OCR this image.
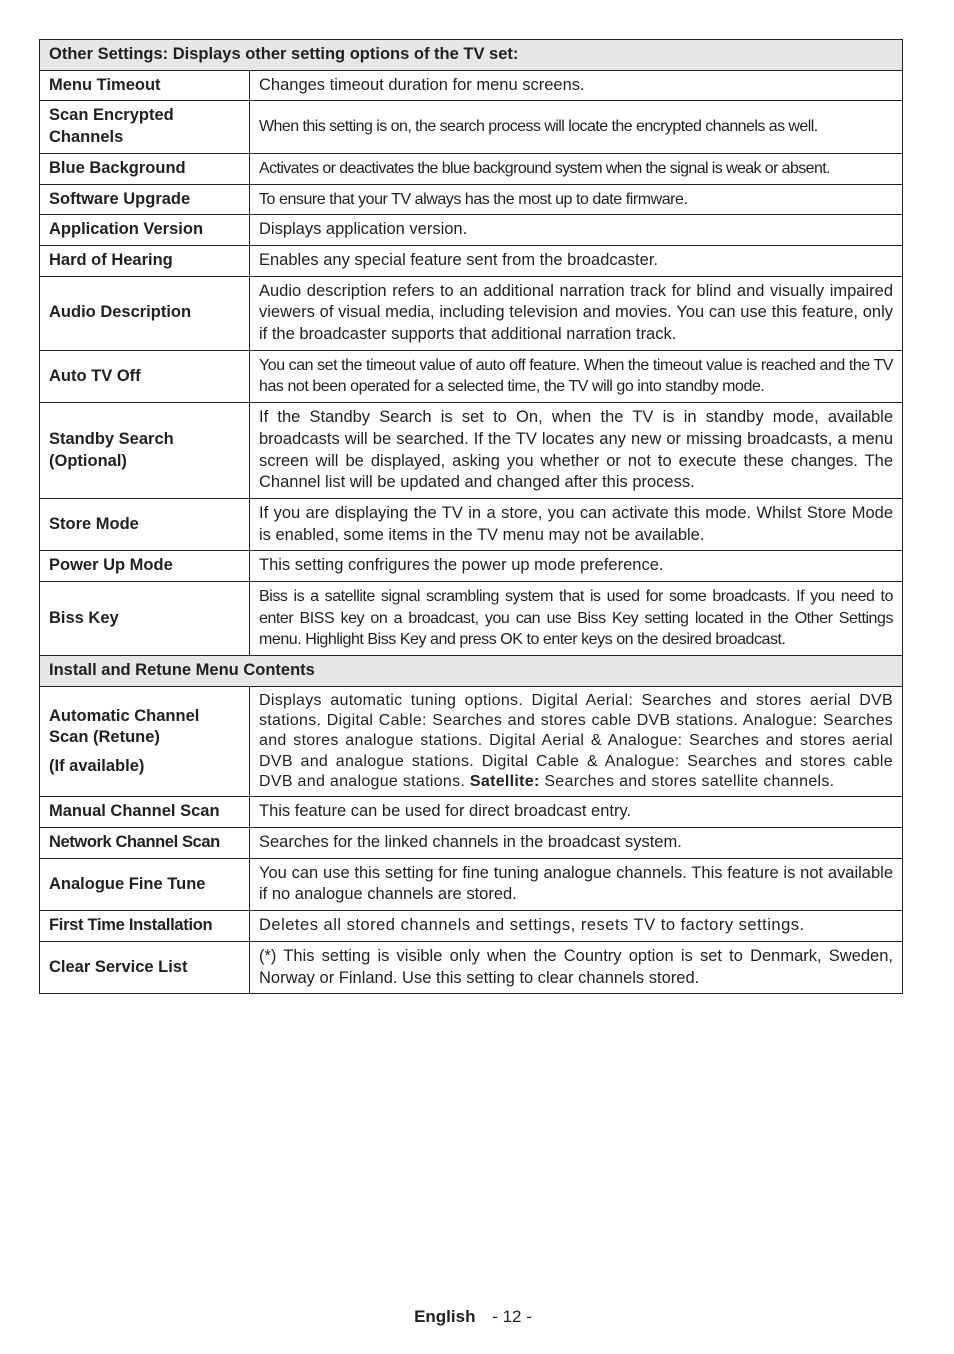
Other Settings: Displays other setting options of the TV set:	
Menu Timeout	Changes timeout duration for menu screens.
Scan Encrypted Channels	When this setting is on, the search process will locate the encrypted channels as well.
Blue Background	Activates or deactivates the blue background system when the signal is weak or absent.
Software Upgrade	To ensure that your TV always has the most up to date firmware.
Application Version	Displays application version.
Hard of Hearing	Enables any special feature sent from the broadcaster.
Audio Description	Audio description refers to an additional narration track for blind and visually impaired viewers of visual media, including television and movies. You can use this feature, only if the broadcaster supports that additional narration track.
Auto TV Off	You can set the timeout value of auto off feature. When the timeout value is reached and the TV has not been operated for a selected time, the TV will go into standby mode.
Standby Search (Optional)	If the Standby Search is set to On, when the TV is in standby mode, available broadcasts will be searched. If the TV locates any new or missing broadcasts, a menu screen will be displayed, asking you whether or not to execute these changes. The Channel list will be updated and changed after this process.
Store Mode	If you are displaying the TV in a store, you can activate this mode. Whilst Store Mode is enabled, some items in the TV menu may not be available.
Power Up Mode	This setting confrigures the power up mode preference.
Biss Key	Biss is a satellite signal scrambling system that is used for some broadcasts. If you need to enter BISS key on a broadcast, you can use Biss Key setting located in the Other Settings menu. Highlight Biss Key and press OK to enter keys on the desired broadcast.
Install and Retune Menu Contents	

Automatic Channel Scan (Retune)
(If available)	Displays automatic tuning options. Digital Aerial: Searches and stores aerial DVB stations. Digital Cable: Searches and stores cable DVB stations. Analogue: Searches and stores analogue stations. Digital Aerial & Analogue: Searches and stores aerial DVB and analogue stations. Digital Cable & Analogue: Searches and stores cable DVB and analogue stations. Satellite: Searches and stores satellite channels.
Manual Channel Scan	This feature can be used for direct broadcast entry.
Network Channel Scan	Searches for the linked channels in the broadcast system.
Analogue Fine Tune	You can use this setting for fine tuning analogue channels. This feature is not available if no analogue channels are stored.
First Time Installation	Deletes all stored channels and settings, resets TV to factory settings.
Clear Service List	(*) This setting is visible only when the Country option is set to Denmark, Sweden, Norway or Finland. Use this setting to clear channels stored.
English - 12 -
